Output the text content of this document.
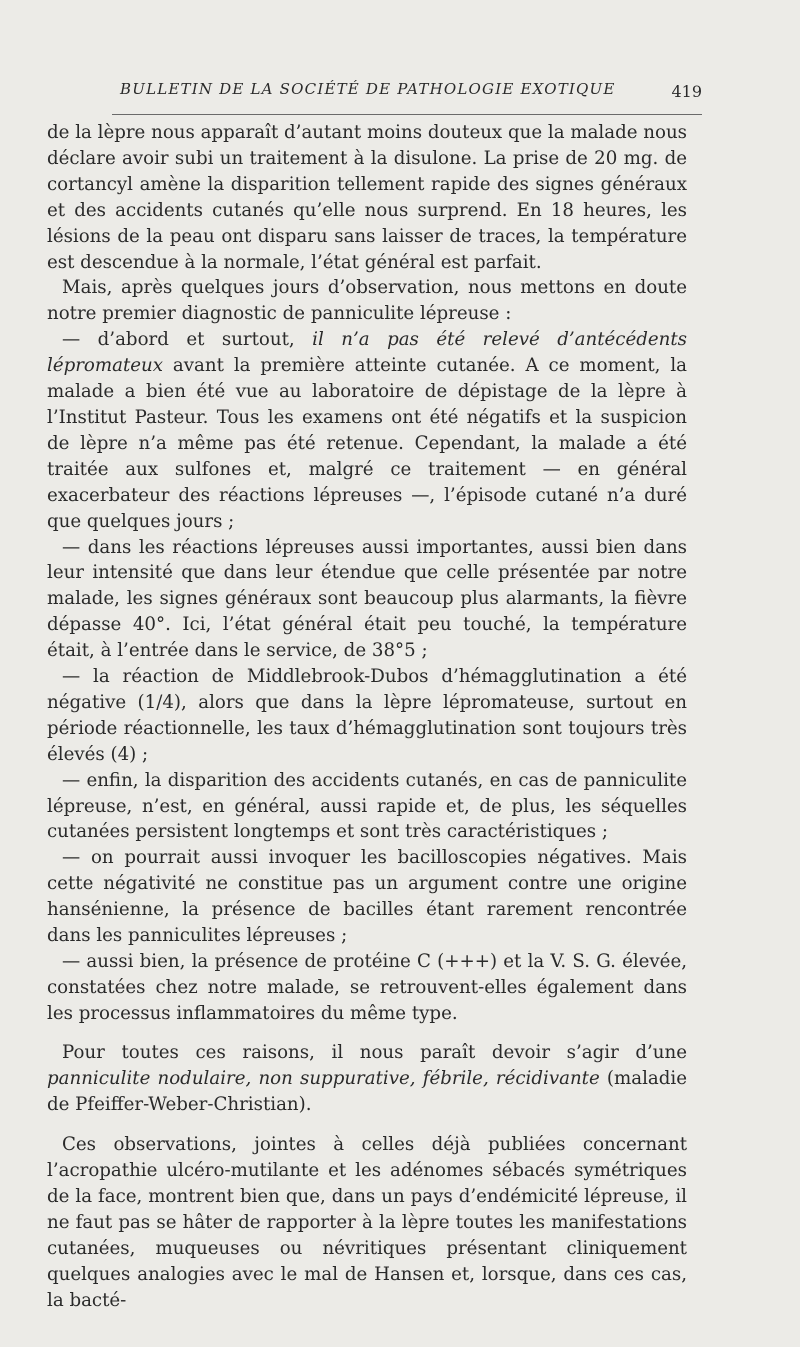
BULLETIN DE LA SOCIÉTÉ DE PATHOLOGIE EXOTIQUE	419

de la lèpre nous apparaît d’autant moins douteux que la malade nous déclare avoir subi un traitement à la disulone. La prise de 20 mg. de cortancyl amène la disparition tellement rapide des signes généraux et des accidents cutanés qu’elle nous surprend. En 18 heures, les lésions de la peau ont disparu sans laisser de traces, la température est descendue à la normale, l’état général est parfait.

Mais, après quelques jours d’observation, nous mettons en doute notre premier diagnostic de panniculite lépreuse :

— d’abord et surtout, il n’a pas été relevé d’antécédents lépromateux avant la première atteinte cutanée. A ce moment, la malade a bien été vue au laboratoire de dépistage de la lèpre à l’Institut Pasteur. Tous les examens ont été négatifs et la suspicion de lèpre n’a même pas été retenue. Cependant, la malade a été traitée aux sulfones et, malgré ce traitement — en général exacerbateur des réactions lépreuses —, l’épisode cutané n’a duré que quelques jours ;

— dans les réactions lépreuses aussi importantes, aussi bien dans leur intensité que dans leur étendue que celle présentée par notre malade, les signes généraux sont beaucoup plus alarmants, la fièvre dépasse 40°. Ici, l’état général était peu touché, la température était, à l’entrée dans le service, de 38°5 ;

— la réaction de Middlebrook-Dubos d’hémagglutination a été négative (1/4), alors que dans la lèpre lépromateuse, surtout en période réactionnelle, les taux d’hémagglutination sont toujours très élevés (4) ;

— enfin, la disparition des accidents cutanés, en cas de panniculite lépreuse, n’est, en général, aussi rapide et, de plus, les séquelles cutanées persistent longtemps et sont très caractéristiques ;

— on pourrait aussi invoquer les bacilloscopies négatives. Mais cette négativité ne constitue pas un argument contre une origine hansénienne, la présence de bacilles étant rarement rencontrée dans les panniculites lépreuses ;

— aussi bien, la présence de protéine C (+++) et la V. S. G. élevée, constatées chez notre malade, se retrouvent-elles également dans les processus inflammatoires du même type.

Pour toutes ces raisons, il nous paraît devoir s’agir d’une panniculite nodulaire, non suppurative, fébrile, récidivante (maladie de Pfeiffer-Weber-Christian).

Ces observations, jointes à celles déjà publiées concernant l’acropathie ulcéro-mutilante et les adénomes sébacés symétriques de la face, montrent bien que, dans un pays d’endémicité lépreuse, il ne faut pas se hâter de rapporter à la lèpre toutes les manifestations cutanées, muqueuses ou névritiques présentant cliniquement quelques analogies avec le mal de Hansen et, lorsque, dans ces cas, la bacté-
